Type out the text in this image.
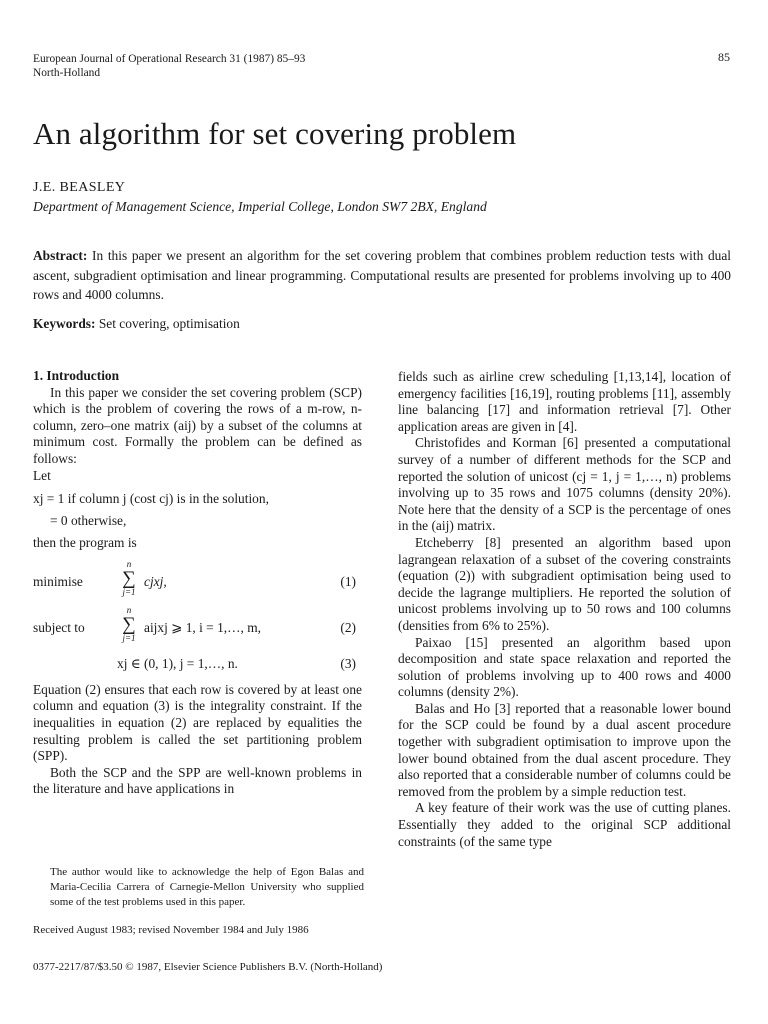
European Journal of Operational Research 31 (1987) 85–93
North-Holland
85
An algorithm for set covering problem
J.E. BEASLEY
Department of Management Science, Imperial College, London SW7 2BX, England
Abstract: In this paper we present an algorithm for the set covering problem that combines problem reduction tests with dual ascent, subgradient optimisation and linear programming. Computational results are presented for problems involving up to 400 rows and 4000 columns.
Keywords: Set covering, optimisation

1. Introduction

In this paper we consider the set covering problem (SCP) which is the problem of covering the rows of a m-row, n-column, zero–one matrix (aij) by a subset of the columns at minimum cost. Formally the problem can be defined as follows:

Let

xj = 1 if column j (cost cj) is in the solution,
= 0 otherwise,

then the program is

minimise
n
∑
j=1
cjxj,	(1)
subject to
n
∑
j=1
aijxj ⩾ 1, i = 1,…, m,	(2)
xj ∈ (0, 1), j = 1,…, n.	(3)

Equation (2) ensures that each row is covered by at least one column and equation (3) is the integrality constraint. If the inequalities in equation (2) are replaced by equalities the resulting problem is called the set partitioning problem (SPP).

Both the SCP and the SPP are well-known problems in the literature and have applications in

The author would like to acknowledge the help of Egon Balas and Maria-Cecilia Carrera of Carnegie-Mellon University who supplied some of the test problems used in this paper.
Received August 1983; revised November 1984 and July 1986

fields such as airline crew scheduling [1,13,14], location of emergency facilities [16,19], routing problems [11], assembly line balancing [17] and information retrieval [7]. Other application areas are given in [4].

Christofides and Korman [6] presented a computational survey of a number of different methods for the SCP and reported the solution of unicost (cj = 1, j = 1,…, n) problems involving up to 35 rows and 1075 columns (density 20%). Note here that the density of a SCP is the percentage of ones in the (aij) matrix.

Etcheberry [8] presented an algorithm based upon lagrangean relaxation of a subset of the covering constraints (equation (2)) with subgradient optimisation being used to decide the lagrange multipliers. He reported the solution of unicost problems involving up to 50 rows and 100 columns (densities from 6% to 25%).

Paixao [15] presented an algorithm based upon decomposition and state space relaxation and reported the solution of problems involving up to 400 rows and 4000 columns (density 2%).

Balas and Ho [3] reported that a reasonable lower bound for the SCP could be found by a dual ascent procedure together with subgradient optimisation to improve upon the lower bound obtained from the dual ascent procedure. They also reported that a considerable number of columns could be removed from the problem by a simple reduction test.

A key feature of their work was the use of cutting planes. Essentially they added to the original SCP additional constraints (of the same type

0377-2217/87/$3.50 © 1987, Elsevier Science Publishers B.V. (North-Holland)
